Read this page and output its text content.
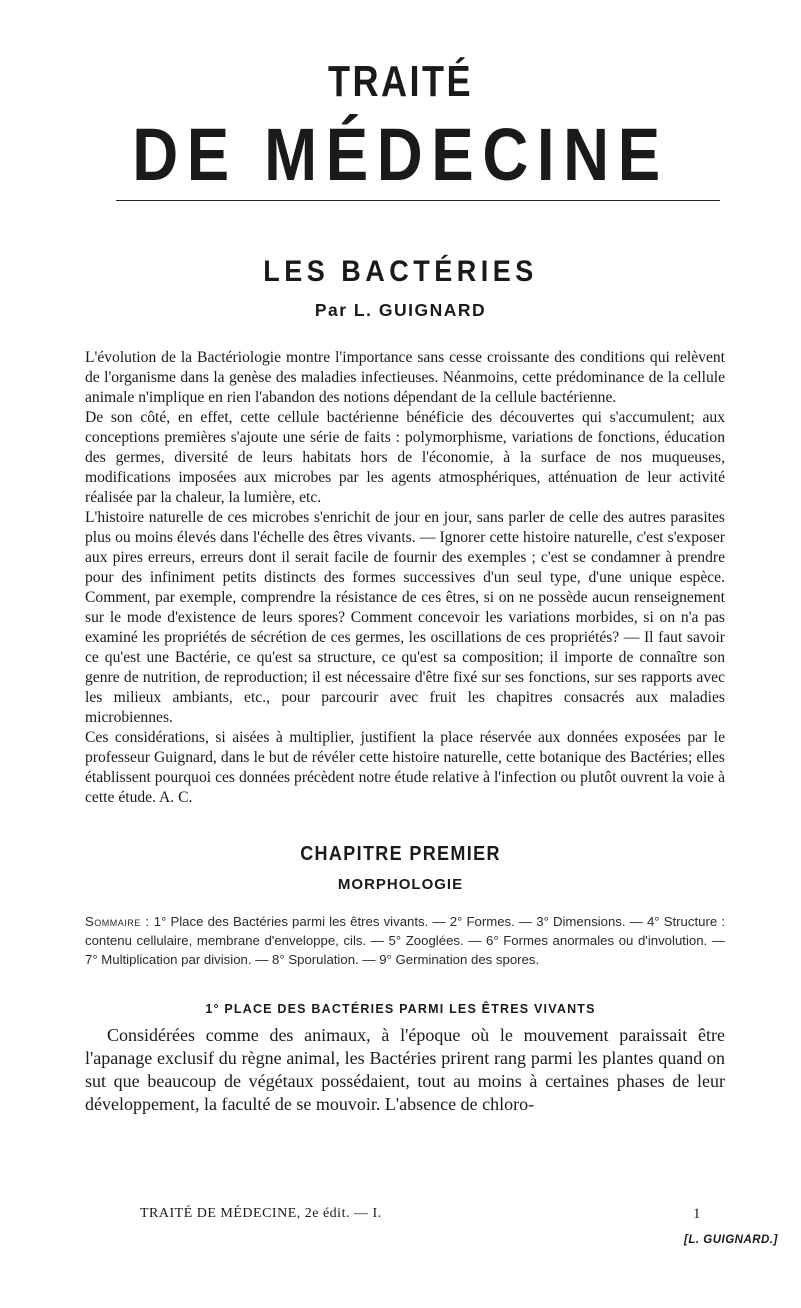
TRAITÉ
DE MÉDECINE
LES BACTÉRIES
Par L. GUIGNARD

L'évolution de la Bactériologie montre l'importance sans cesse croissante des conditions qui relèvent de l'organisme dans la genèse des maladies infectieuses. Néanmoins, cette prédominance de la cellule animale n'implique en rien l'abandon des notions dépendant de la cellule bactérienne.

De son côté, en effet, cette cellule bactérienne bénéficie des découvertes qui s'accumulent; aux conceptions premières s'ajoute une série de faits : polymorphisme, variations de fonctions, éducation des germes, diversité de leurs habitats hors de l'économie, à la surface de nos muqueuses, modifications imposées aux microbes par les agents atmosphériques, atténuation de leur activité réalisée par la chaleur, la lumière, etc.

L'histoire naturelle de ces microbes s'enrichit de jour en jour, sans parler de celle des autres parasites plus ou moins élevés dans l'échelle des êtres vivants. — Ignorer cette histoire naturelle, c'est s'exposer aux pires erreurs, erreurs dont il serait facile de fournir des exemples ; c'est se condamner à prendre pour des infiniment petits distincts des formes successives d'un seul type, d'une unique espèce. Comment, par exemple, comprendre la résistance de ces êtres, si on ne possède aucun renseignement sur le mode d'existence de leurs spores? Comment concevoir les variations morbides, si on n'a pas examiné les propriétés de sécrétion de ces germes, les oscillations de ces propriétés? — Il faut savoir ce qu'est une Bactérie, ce qu'est sa structure, ce qu'est sa composition; il importe de connaître son genre de nutrition, de reproduction; il est nécessaire d'être fixé sur ses fonctions, sur ses rapports avec les milieux ambiants, etc., pour parcourir avec fruit les chapitres consacrés aux maladies microbiennes.

Ces considérations, si aisées à multiplier, justifient la place réservée aux données exposées par le professeur Guignard, dans le but de révéler cette histoire naturelle, cette botanique des Bactéries; elles établissent pourquoi ces données précèdent notre étude relative à l'infection ou plutôt ouvrent la voie à cette étude. A. C.

CHAPITRE PREMIER
MORPHOLOGIE
Sommaire : 1° Place des Bactéries parmi les êtres vivants. — 2° Formes. — 3° Dimensions. — 4° Structure : contenu cellulaire, membrane d'enveloppe, cils. — 5° Zooglées. — 6° Formes anormales ou d'involution. — 7° Multiplication par division. — 8° Sporulation. — 9° Germination des spores.
1° PLACE DES BACTÉRIES PARMI LES ÊTRES VIVANTS

Considérées comme des animaux, à l'époque où le mouvement paraissait être l'apanage exclusif du règne animal, les Bactéries prirent rang parmi les plantes quand on sut que beaucoup de végétaux possédaient, tout au moins à certaines phases de leur développement, la faculté de se mouvoir. L'absence de chloro-

TRAITÉ DE MÉDECINE, 2e édit. — I.	1
[L. GUIGNARD.]
